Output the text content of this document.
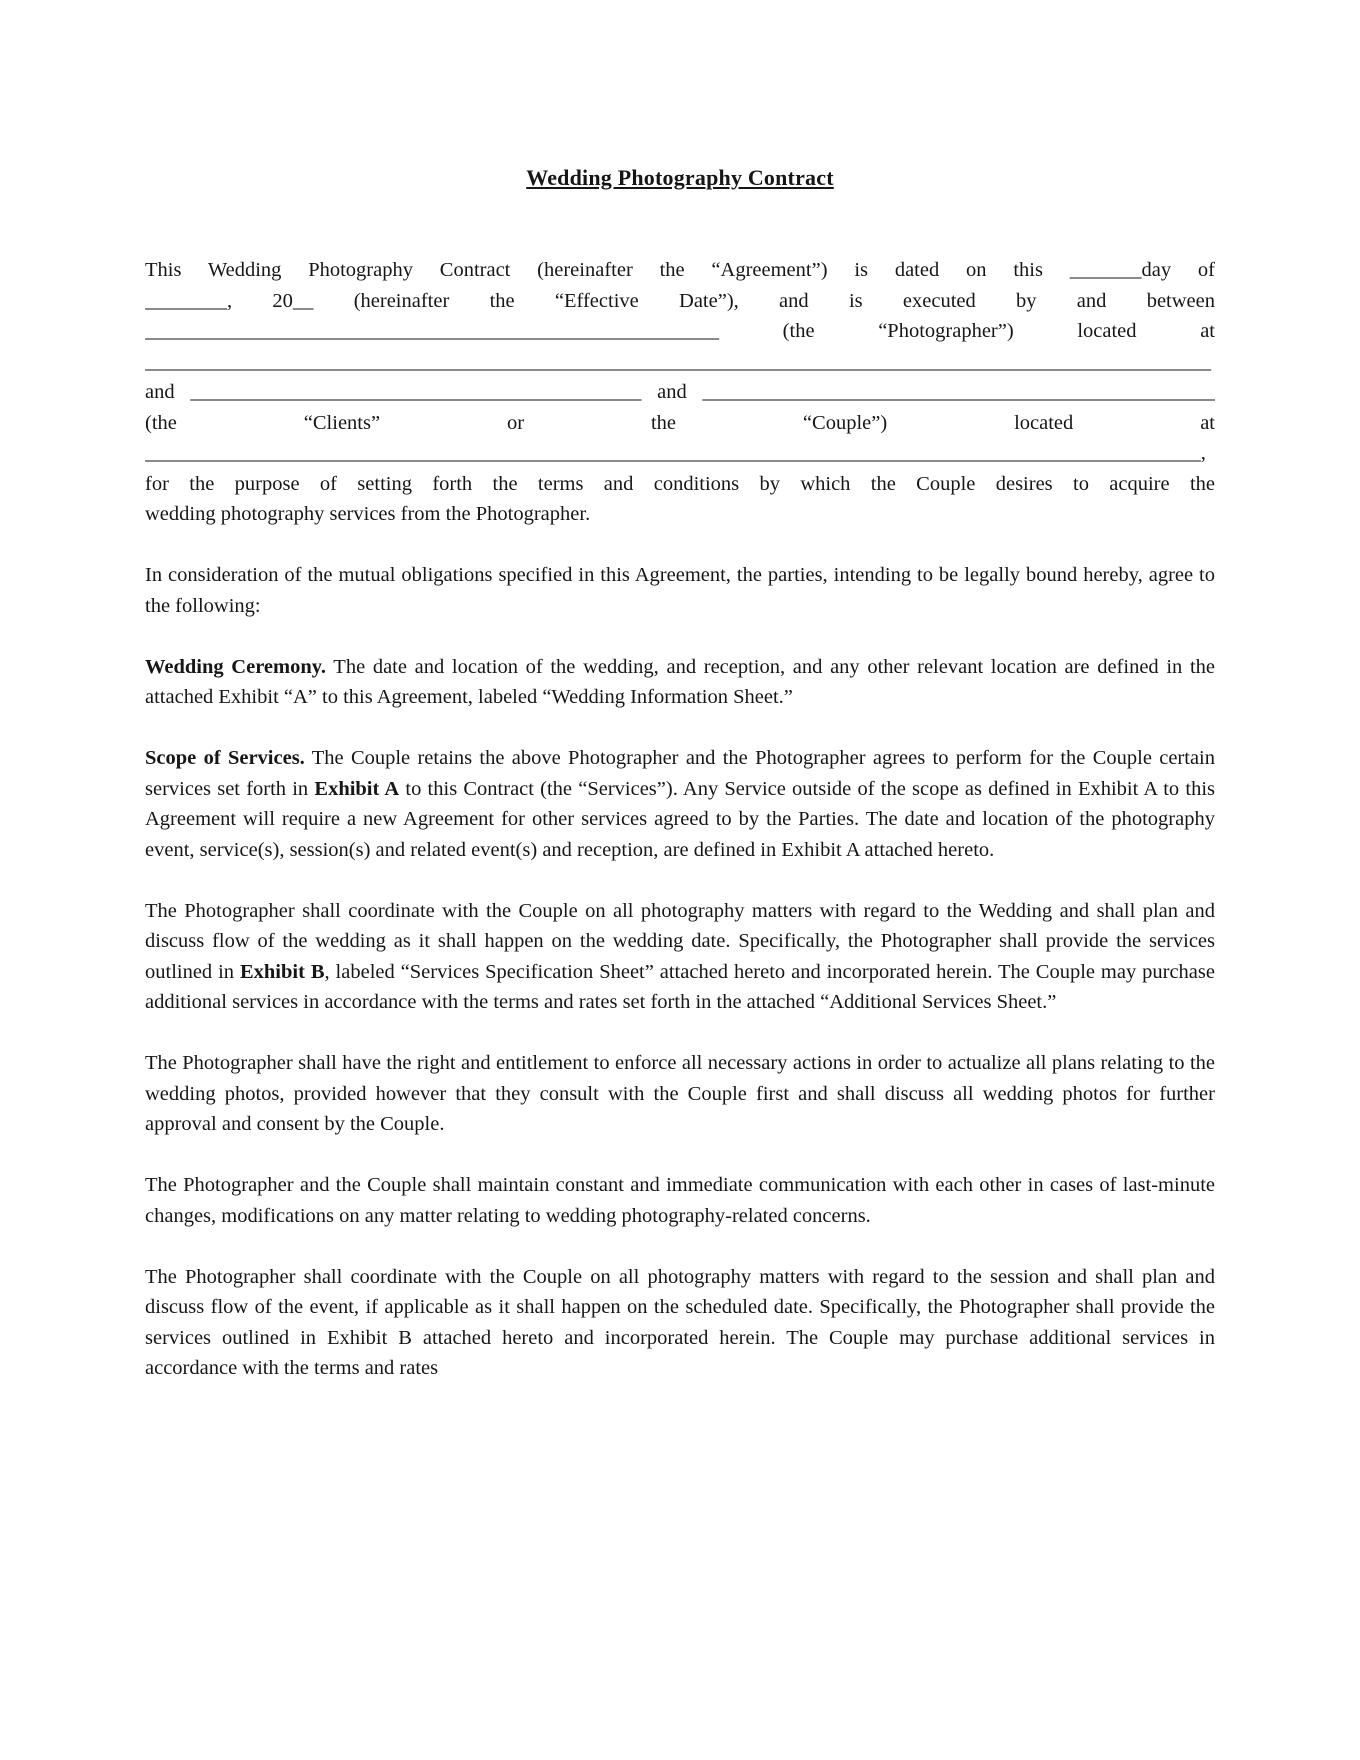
Wedding Photography Contract
This Wedding Photography Contract (hereinafter the “Agreement”) is dated on this _______day of
________, 20__ (hereinafter the “Effective Date”), and is executed by and between
________________________________________________________ (the “Photographer”) located at
________________________________________________________________________________________________________
and ____________________________________________ and __________________________________________________
(the “Clients” or the “Couple”) located at
_______________________________________________________________________________________________________,
for the purpose of setting forth the terms and conditions by which the Couple desires to acquire the
wedding photography services from the Photographer.

In consideration of the mutual obligations specified in this Agreement, the parties, intending to be legally bound hereby, agree to the following:

Wedding Ceremony. The date and location of the wedding, and reception, and any other relevant location are defined in the attached Exhibit “A” to this Agreement, labeled “Wedding Information Sheet.”

Scope of Services. The Couple retains the above Photographer and the Photographer agrees to perform for the Couple certain services set forth in Exhibit A to this Contract (the “Services”). Any Service outside of the scope as defined in Exhibit A to this Agreement will require a new Agreement for other services agreed to by the Parties. The date and location of the photography event, service(s), session(s) and related event(s) and reception, are defined in Exhibit A attached hereto.

The Photographer shall coordinate with the Couple on all photography matters with regard to the Wedding and shall plan and discuss flow of the wedding as it shall happen on the wedding date. Specifically, the Photographer shall provide the services outlined in Exhibit B, labeled “Services Specification Sheet” attached hereto and incorporated herein. The Couple may purchase additional services in accordance with the terms and rates set forth in the attached “Additional Services Sheet.”

The Photographer shall have the right and entitlement to enforce all necessary actions in order to actualize all plans relating to the wedding photos, provided however that they consult with the Couple first and shall discuss all wedding photos for further approval and consent by the Couple.

The Photographer and the Couple shall maintain constant and immediate communication with each other in cases of last-minute changes, modifications on any matter relating to wedding photography-related concerns.

The Photographer shall coordinate with the Couple on all photography matters with regard to the session and shall plan and discuss flow of the event, if applicable as it shall happen on the scheduled date. Specifically, the Photographer shall provide the services outlined in Exhibit B attached hereto and incorporated herein. The Couple may purchase additional services in accordance with the terms and rates
